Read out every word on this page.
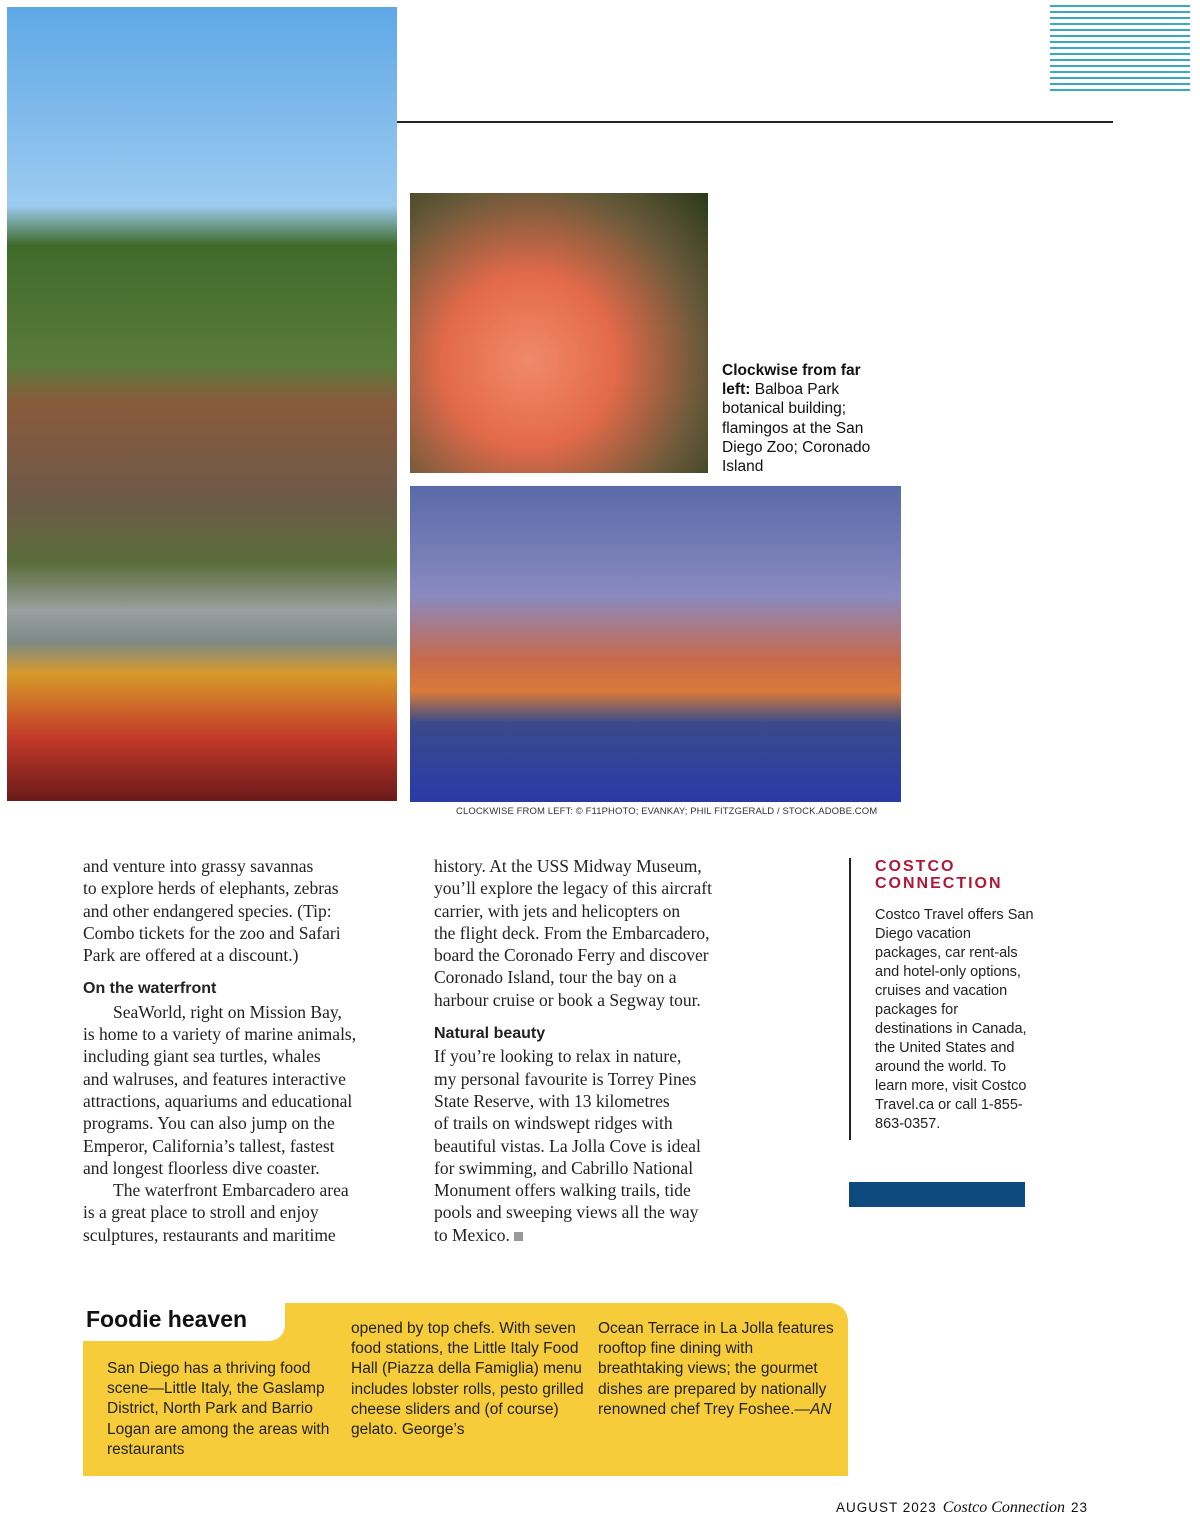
Clockwise from far left: Balboa Park botanical building; flamingos at the San Diego Zoo; Coronado Island
CLOCKWISE FROM LEFT: © F11PHOTO; EVANKAY; PHIL FITZGERALD / STOCK.ADOBE.COM
and venture into grassy savannas
to explore herds of elephants, zebras
and other endangered species. (Tip:
Combo tickets for the zoo and Safari
Park are offered at a discount.)
On the waterfront
SeaWorld, right on Mission Bay,
is home to a variety of marine animals,
including giant sea turtles, whales
and walruses, and features interactive
attractions, aquariums and educational
programs. You can also jump on the
Emperor, California’s tallest, fastest
and longest floorless dive coaster.
The waterfront Embarcadero area
is a great place to stroll and enjoy
sculptures, restaurants and maritime
history. At the USS Midway Museum,
you’ll explore the legacy of this aircraft
carrier, with jets and helicopters on
the flight deck. From the Embarcadero,
board the Coronado Ferry and discover
Coronado Island, tour the bay on a
harbour cruise or book a Segway tour.
Natural beauty
If you’re looking to relax in nature,
my personal favourite is Torrey Pines
State Reserve, with 13 kilometres
of trails on windswept ridges with
beautiful vistas. La Jolla Cove is ideal
for swimming, and Cabrillo National
Monument offers walking trails, tide
pools and sweeping views all the way
to Mexico.
COSTCO CONNECTION
Costco Travel offers San Diego vacation packages, car rent-als and hotel-only options, cruises and vacation packages for destinations in Canada, the United States and around the world. To learn more, visit Costco Travel.ca or call 1-855-863-0357.
Foodie heaven
San Diego has a thriving food scene—Little Italy, the Gaslamp District, North Park and Barrio Logan are among the areas with restaurants
opened by top chefs. With seven food stations, the Little Italy Food Hall (Piazza della Famiglia) menu includes lobster rolls, pesto grilled cheese sliders and (of course) gelato. George’s
Ocean Terrace in La Jolla features rooftop fine dining with breathtaking views; the gourmet dishes are prepared by nationally renowned chef Trey Foshee.—AN
AUGUST 2023 Costco Connection 23
